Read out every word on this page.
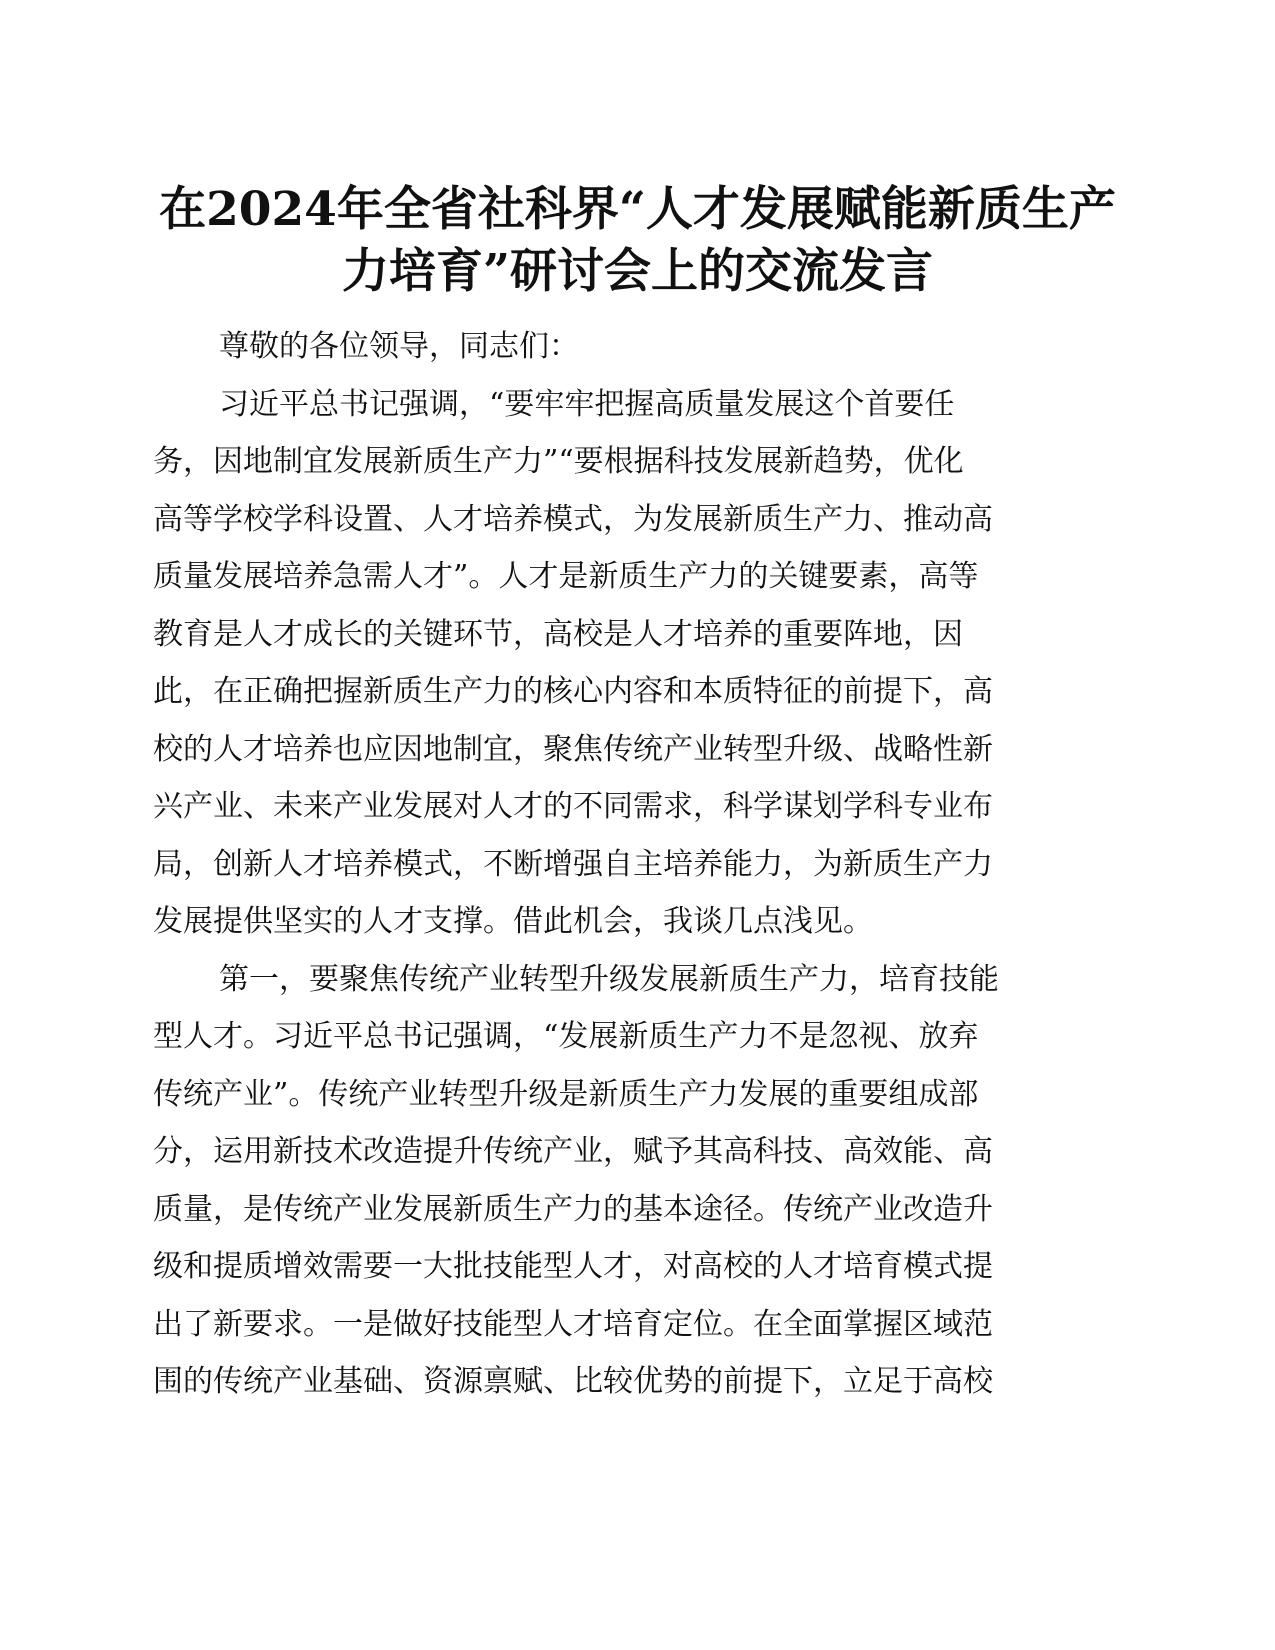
在2024年全省社科界“人才发展赋能新质生产
力培育”研讨会上的交流发言

尊敬的各位领导，同志们：

习近平总书记强调，“要牢牢把握高质量发展这个首要任

务，因地制宜发展新质生产力”“要根据科技发展新趋势，优化

高等学校学科设置、人才培养模式，为发展新质生产力、推动高

质量发展培养急需人才”。人才是新质生产力的关键要素，高等

教育是人才成长的关键环节，高校是人才培养的重要阵地，因

此，在正确把握新质生产力的核心内容和本质特征的前提下，高

校的人才培养也应因地制宜，聚焦传统产业转型升级、战略性新

兴产业、未来产业发展对人才的不同需求，科学谋划学科专业布

局，创新人才培养模式，不断增强自主培养能力，为新质生产力

发展提供坚实的人才支撑。借此机会，我谈几点浅见。

第一，要聚焦传统产业转型升级发展新质生产力，培育技能

型人才。习近平总书记强调，“发展新质生产力不是忽视、放弃

传统产业”。传统产业转型升级是新质生产力发展的重要组成部

分，运用新技术改造提升传统产业，赋予其高科技、高效能、高

质量，是传统产业发展新质生产力的基本途径。传统产业改造升

级和提质增效需要一大批技能型人才，对高校的人才培育模式提

出了新要求。一是做好技能型人才培育定位。在全面掌握区域范

围的传统产业基础、资源禀赋、比较优势的前提下，立足于高校
